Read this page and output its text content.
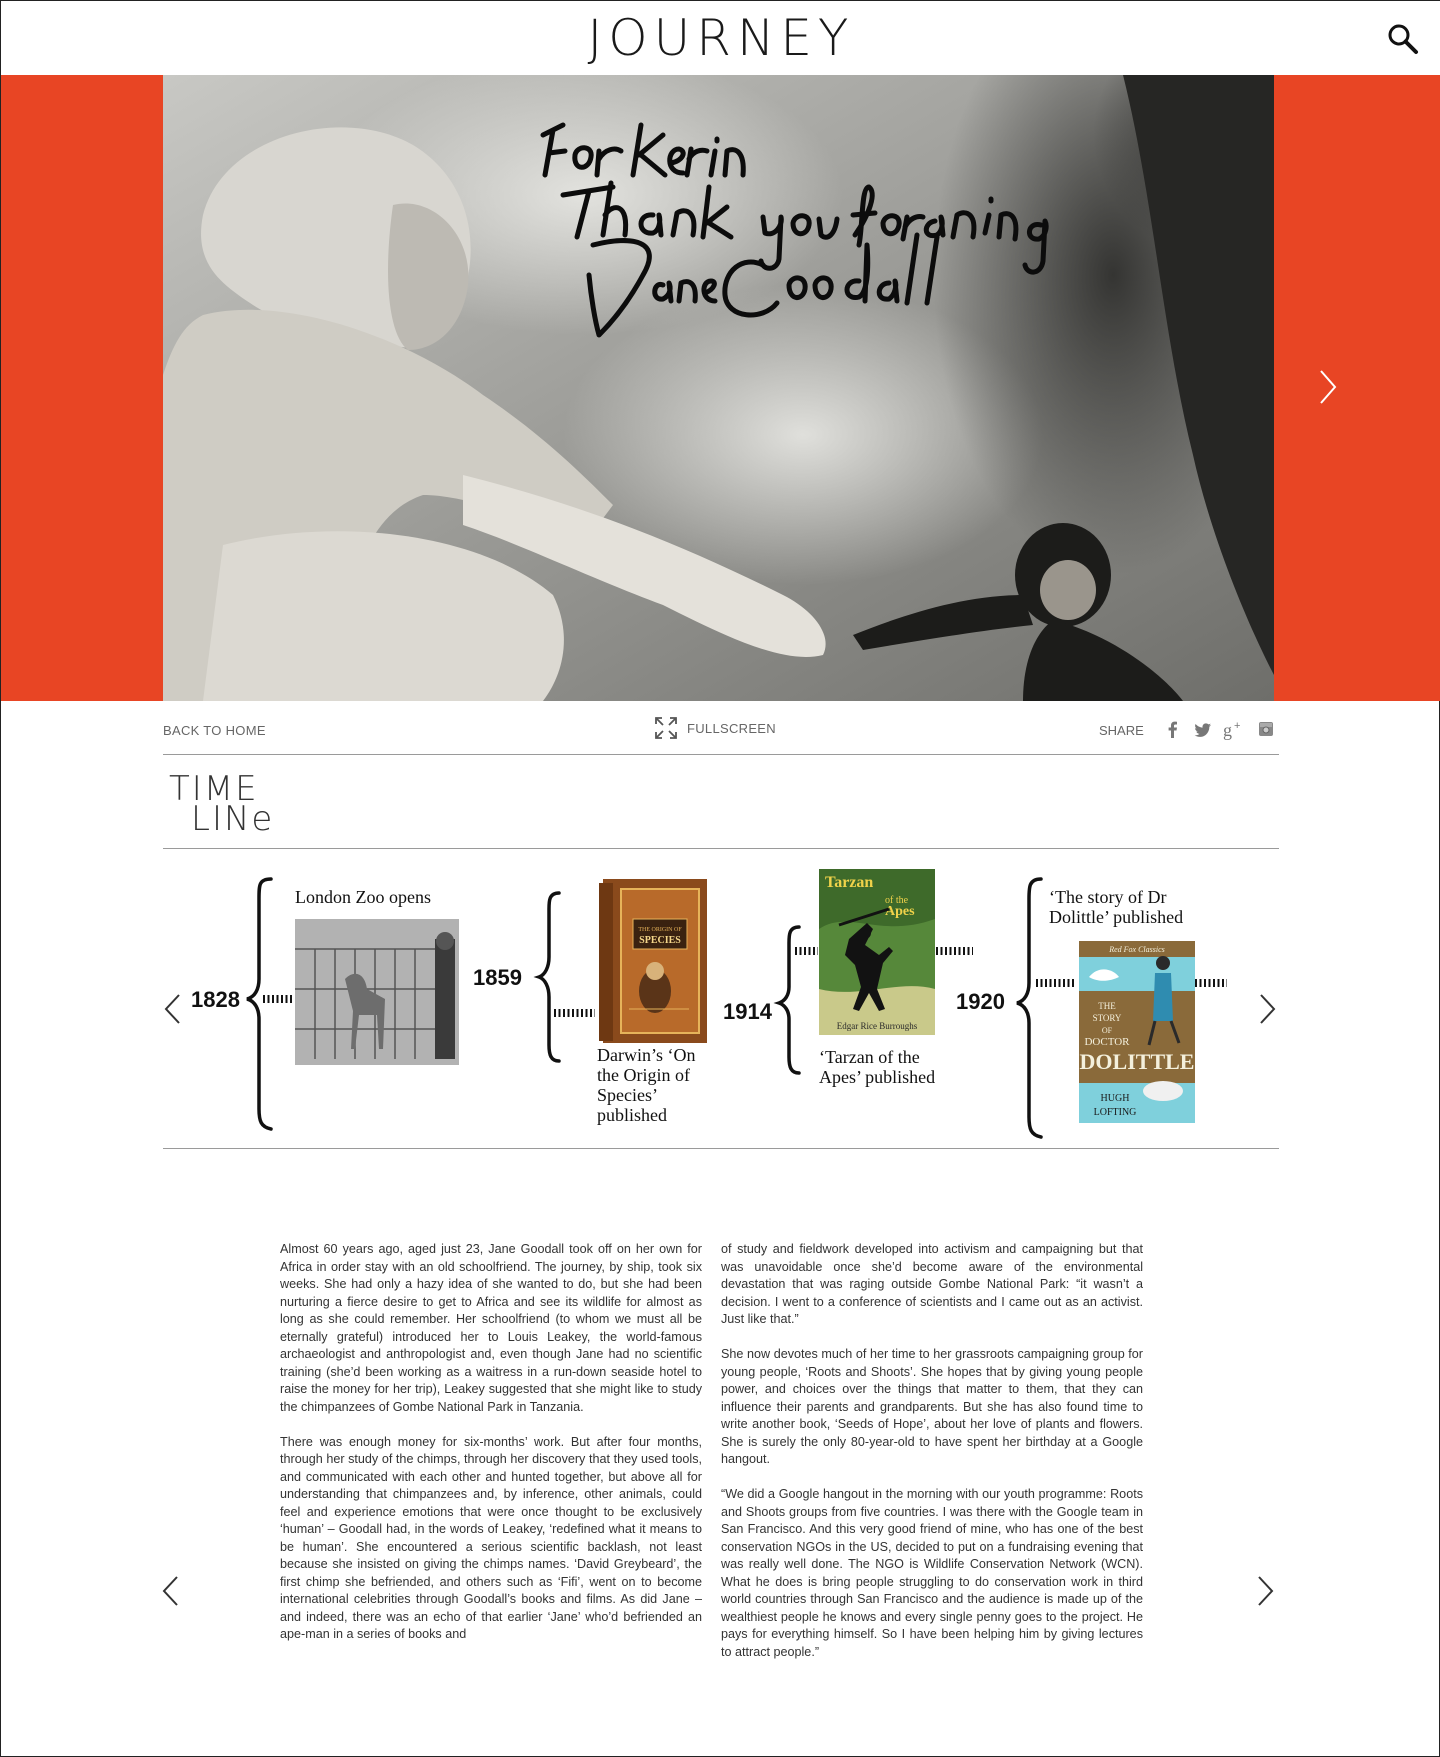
JOURNEY
BACK TO HOME	FULLSCREEN	SHARE	g +
TIME
LINe
1828
London Zoo opens
1859
THE ORIGIN OF
SPECIES
Darwin’s ‘On the Origin of Species’ published
1914
Tarzan
of the
Apes
Edgar Rice Burroughs
‘Tarzan of the Apes’ published
1920
‘The story of Dr Dolittle’ published
Red Fox Classics
THE
STORY
OF
DOCTOR
DOLITTLE
HUGH
LOFTING

Almost 60 years ago, aged just 23, Jane Goodall took off on her own for Africa in order stay with an old schoolfriend. The journey, by ship, took six weeks. She had only a hazy idea of she wanted to do, but she had been nurturing a fierce desire to get to Africa and see its wildlife for almost as long as she could remember. Her schoolfriend (to whom we must all be eternally grateful) introduced her to Louis Leakey, the world-famous archaeologist and anthropologist and, even though Jane had no scientific training (she’d been working as a waitress in a run-down seaside hotel to raise the money for her trip), Leakey suggested that she might like to study the chimpanzees of Gombe National Park in Tanzania.

There was enough money for six-months’ work. But after four months, through her study of the chimps, through her discovery that they used tools, and communicated with each other and hunted together, but above all for understanding that chimpanzees and, by inference, other animals, could feel and experience emotions that were once thought to be exclusively ‘human’ – Goodall had, in the words of Leakey, ‘redefined what it means to be human’. She encountered a serious scientific backlash, not least because she insisted on giving the chimps names. ‘David Greybeard’, the first chimp she befriended, and others such as ‘Fifi’, went on to become international celebrities through Goodall’s books and films. As did Jane – and indeed, there was an echo of that earlier ‘Jane’ who’d befriended an ape-man in a series of books and

of study and fieldwork developed into activism and campaigning but that was unavoidable once she’d become aware of the environmental devastation that was raging outside Gombe National Park: “it wasn’t a decision. I went to a conference of scientists and I came out as an activist. Just like that.”

She now devotes much of her time to her grassroots campaigning group for young people, ‘Roots and Shoots’. She hopes that by giving young people power, and choices over the things that matter to them, that they can influence their parents and grandparents. But she has also found time to write another book, ‘Seeds of Hope’, about her love of plants and flowers. She is surely the only 80-year-old to have spent her birthday at a Google hangout.

“We did a Google hangout in the morning with our youth programme: Roots and Shoots groups from five countries. I was there with the Google team in San Francisco. And this very good friend of mine, who has one of the best conservation NGOs in the US, decided to put on a fundraising evening that was really well done. The NGO is Wildlife Conservation Network (WCN). What he does is bring people struggling to do conservation work in third world countries through San Francisco and the audience is made up of the wealthiest people he knows and every single penny goes to the project. He pays for everything himself. So I have been helping him by giving lectures to attract people.”
